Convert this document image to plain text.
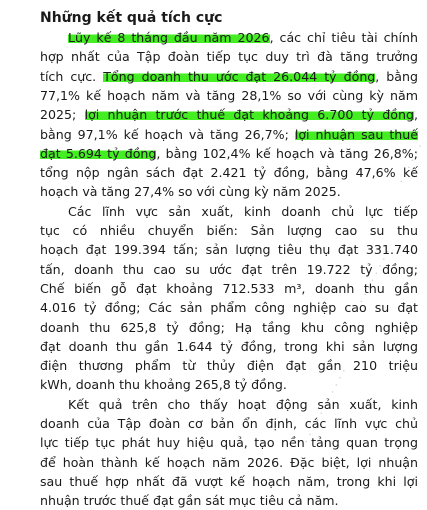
Những kết quả tích cực
Lũy kế 8 tháng đầu năm 2026, các chỉ tiêu tài chính
hợp nhất của Tập đoàn tiếp tục duy trì đà tăng trưởng
tích cực. Tổng doanh thu ước đạt 26.044 tỷ đồng, bằng
77,1% kế hoạch năm và tăng 28,1% so với cùng kỳ năm
2025; lợi nhuận trước thuế đạt khoảng 6.700 tỷ đồng,
bằng 97,1% kế hoạch và tăng 26,7%; lợi nhuận sau thuế
đạt 5.694 tỷ đồng, bằng 102,4% kế hoạch và tăng 26,8%;
tổng nộp ngân sách đạt 2.421 tỷ đồng, bằng 47,6% kế
hoạch và tăng 27,4% so với cùng kỳ năm 2025.
Các lĩnh vực sản xuất, kinh doanh chủ lực tiếp
tục có nhiều chuyển biến: Sản lượng cao su thu
hoạch đạt 199.394 tấn; sản lượng tiêu thụ đạt 331.740
tấn, doanh thu cao su ước đạt trên 19.722 tỷ đồng;
Chế biến gỗ đạt khoảng 712.533 m³, doanh thu gần
4.016 tỷ đồng; Các sản phẩm công nghiệp cao su đạt
doanh thu 625,8 tỷ đồng; Hạ tầng khu công nghiệp
đạt doanh thu gần 1.644 tỷ đồng, trong khi sản lượng
điện thương phẩm từ thủy điện đạt gần 210 triệu
kWh, doanh thu khoảng 265,8 tỷ đồng.
Kết quả trên cho thấy hoạt động sản xuất, kinh
doanh của Tập đoàn cơ bản ổn định, các lĩnh vực chủ
lực tiếp tục phát huy hiệu quả, tạo nền tảng quan trọng
để hoàn thành kế hoạch năm 2026. Đặc biệt, lợi nhuận
sau thuế hợp nhất đã vượt kế hoạch năm, trong khi lợi
nhuận trước thuế đạt gần sát mục tiêu cả năm.
· · · · · · · ·
· · · · · · · · · · ·
· · · · · ·
